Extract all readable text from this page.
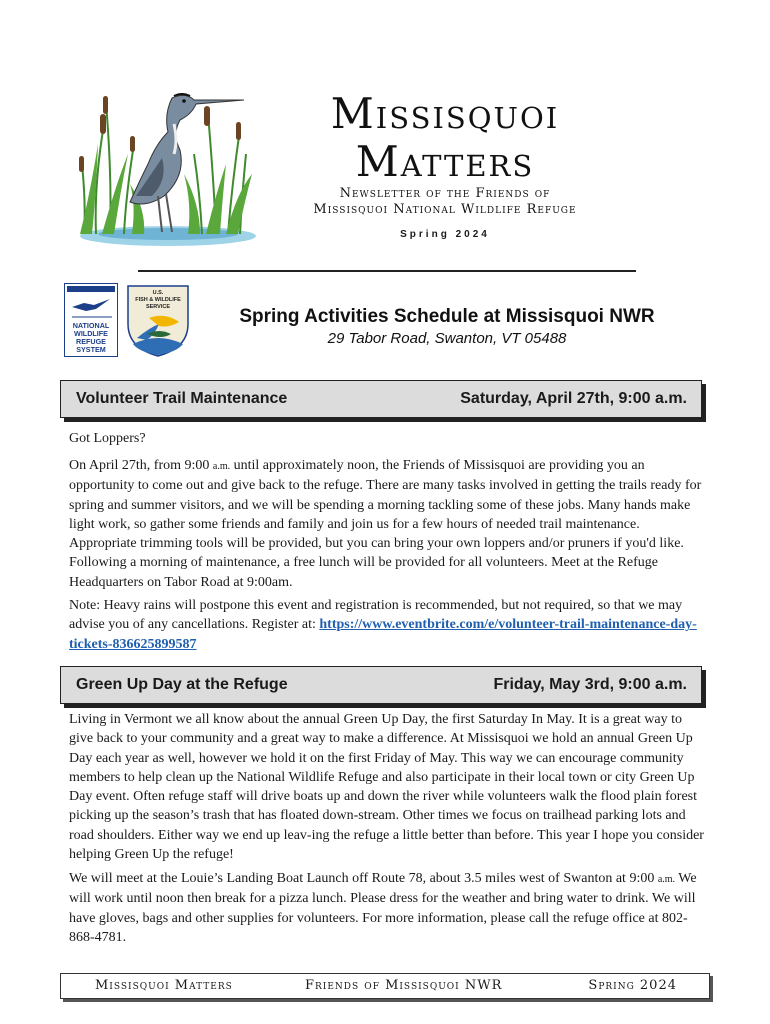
Missisquoi
Matters
Newsletter of the Friends of
Missisquoi National Wildlife Refuge
Spring 2024
NATIONAL
WILDLIFE
REFUGE
SYSTEM
U.S.
FISH & WILDLIFE
SERVICE	Spring Activities Schedule at Missisquoi NWR
29 Tabor Road, Swanton, VT 05488
Volunteer Trail Maintenance	Saturday, April 27th, 9:00 a.m.

Got Loppers?

On April 27th, from 9:00 a.m. until approximately noon, the Friends of Missisquoi are providing you an opportunity to come out and give back to the refuge. There are many tasks involved in getting the trails ready for spring and summer visitors, and we will be spending a morning tackling some of these jobs. Many hands make light work, so gather some friends and family and join us for a few hours of needed trail maintenance. Appropriate trimming tools will be provided, but you can bring your own loppers and/or pruners if you'd like. Following a morning of maintenance, a free lunch will be provided for all volunteers. Meet at the Refuge Headquarters on Tabor Road at 9:00am.

Note: Heavy rains will postpone this event and registration is recommended, but not required, so that we may advise you of any cancellations. Register at: https://www.eventbrite.com/e/volunteer-trail-maintenance-day-tickets-836625899587

Green Up Day at the Refuge	Friday, May 3rd, 9:00 a.m.

Living in Vermont we all know about the annual Green Up Day, the first Saturday In May. It is a great way to give back to your community and a great way to make a difference. At Missisquoi we hold an annual Green Up Day each year as well, however we hold it on the first Friday of May. This way we can encourage community members to help clean up the National Wildlife Refuge and also participate in their local town or city Green Up Day event. Often refuge staff will drive boats up and down the river while volunteers walk the flood plain forest picking up the season’s trash that has floated down-stream. Other times we focus on trailhead parking lots and road shoulders. Either way we end up leav-ing the refuge a little better than before. This year I hope you consider helping Green Up the refuge!

We will meet at the Louie’s Landing Boat Launch off Route 78, about 3.5 miles west of Swanton at 9:00 a.m. We will work until noon then break for a pizza lunch. Please dress for the weather and bring water to drink. We will have gloves, bags and other supplies for volunteers. For more information, please call the refuge office at 802-868-4781.

Missisquoi Matters	Friends of Missisquoi NWR	Spring 2024
